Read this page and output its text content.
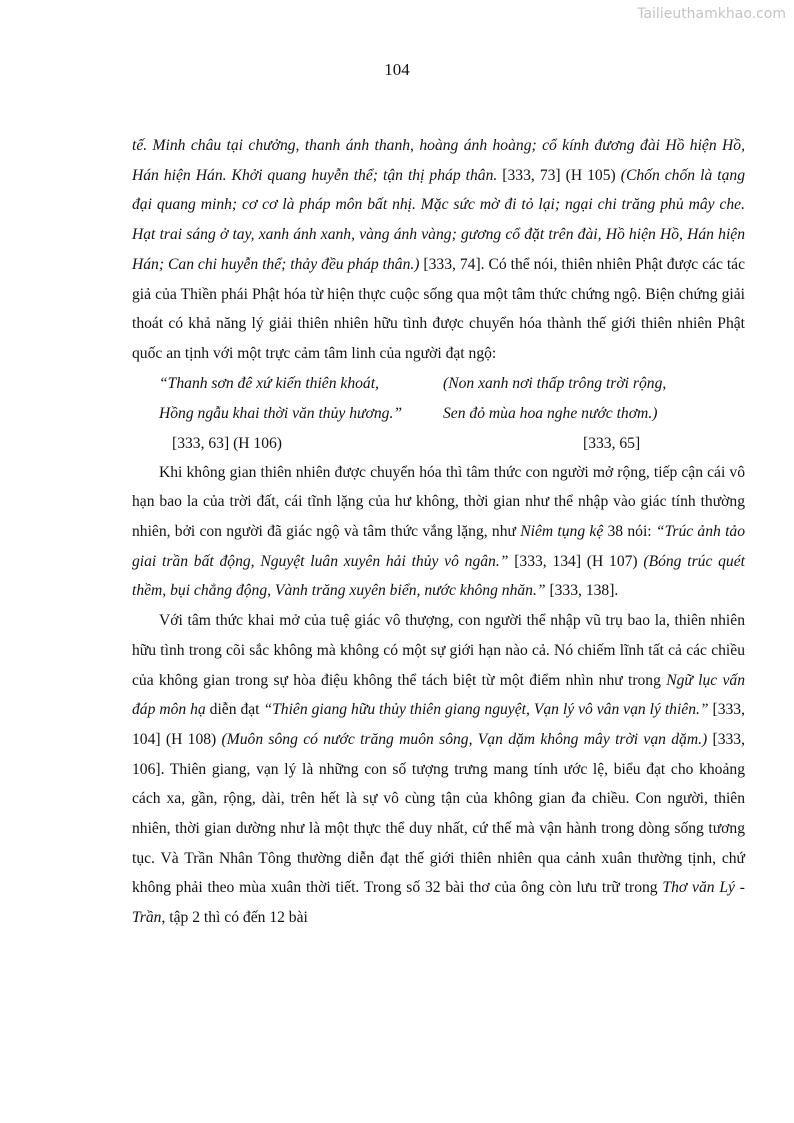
Tailieuthamkhao.com
104

tế. Minh châu tại chưởng, thanh ánh thanh, hoàng ánh hoàng; cổ kính đương đài Hồ hiện Hồ, Hán hiện Hán. Khởi quang huyễn thể; tận thị pháp thân. [333, 73] (H 105) (Chốn chốn là tạng đại quang minh; cơ cơ là pháp môn bất nhị. Mặc sức mờ đi tỏ lại; ngại chi trăng phủ mây che. Hạt trai sáng ở tay, xanh ánh xanh, vàng ánh vàng; gương cổ đặt trên đài, Hồ hiện Hồ, Hán hiện Hán; Can chi huyễn thể; thảy đều pháp thân.) [333, 74]. Có thể nói, thiên nhiên Phật được các tác giả của Thiền phái Phật hóa từ hiện thực cuộc sống qua một tâm thức chứng ngộ. Biện chứng giải thoát có khả năng lý giải thiên nhiên hữu tình được chuyển hóa thành thế giới thiên nhiên Phật quốc an tịnh với một trực cảm tâm linh của người đạt ngộ:

“Thanh sơn đê xứ kiến thiên khoát,	(Non xanh nơi thấp trông trời rộng,
Hồng ngẫu khai thời văn thủy hương.”	Sen đỏ mùa hoa nghe nước thơm.)
[333, 63] (H 106)	[333, 65]

Khi không gian thiên nhiên được chuyển hóa thì tâm thức con người mở rộng, tiếp cận cái vô hạn bao la của trời đất, cái tĩnh lặng của hư không, thời gian như thể nhập vào giác tính thường nhiên, bởi con người đã giác ngộ và tâm thức vắng lặng, như Niêm tụng kệ 38 nói: “Trúc ảnh tảo giai trần bất động, Nguyệt luân xuyên hải thủy vô ngân.” [333, 134] (H 107) (Bóng trúc quét thềm, bụi chẳng động, Vành trăng xuyên biển, nước không nhăn.” [333, 138].

Với tâm thức khai mở của tuệ giác vô thượng, con người thể nhập vũ trụ bao la, thiên nhiên hữu tình trong cõi sắc không mà không có một sự giới hạn nào cả. Nó chiếm lĩnh tất cả các chiều của không gian trong sự hòa điệu không thể tách biệt từ một điểm nhìn như trong Ngữ lục vấn đáp môn hạ diễn đạt “Thiên giang hữu thủy thiên giang nguyệt, Vạn lý vô vân vạn lý thiên.” [333, 104] (H 108) (Muôn sông có nước trăng muôn sông, Vạn dặm không mây trời vạn dặm.) [333, 106]. Thiên giang, vạn lý là những con số tượng trưng mang tính ước lệ, biểu đạt cho khoảng cách xa, gần, rộng, dài, trên hết là sự vô cùng tận của không gian đa chiều. Con người, thiên nhiên, thời gian dường như là một thực thể duy nhất, cứ thế mà vận hành trong dòng sống tương tục. Và Trần Nhân Tông thường diễn đạt thế giới thiên nhiên qua cảnh xuân thường tịnh, chứ không phải theo mùa xuân thời tiết. Trong số 32 bài thơ của ông còn lưu trữ trong Thơ văn Lý - Trần, tập 2 thì có đến 12 bài
